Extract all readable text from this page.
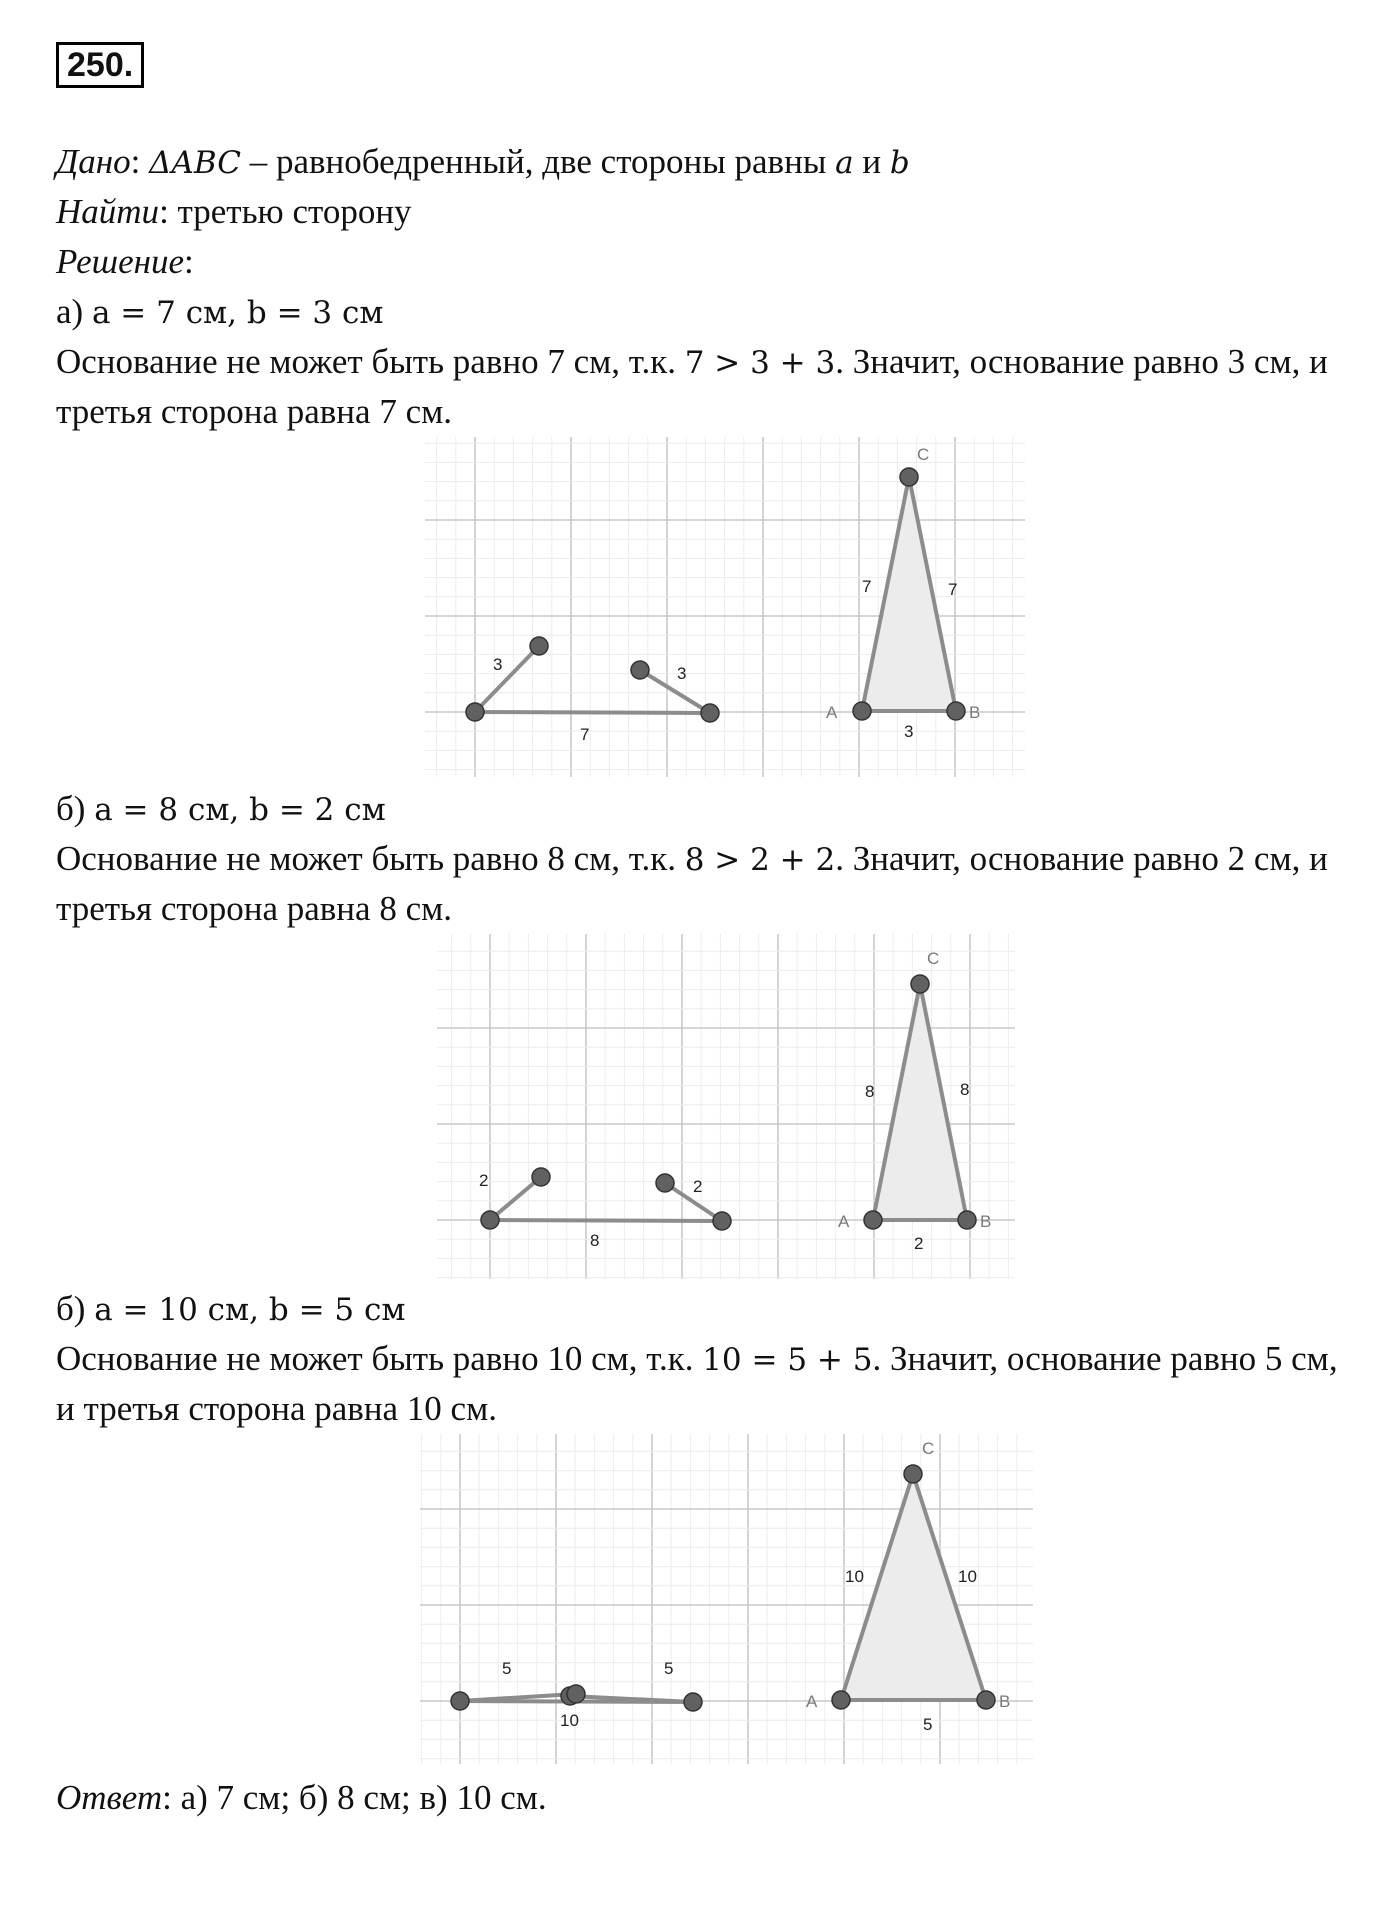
250.
Дано: ΔABC – равнобедренный, две стороны равны a и b
Найти: третью сторону
Решение:
а) a = 7 см, b = 3 см
Основание не может быть равно 7 см, т.к. 7 > 3 + 3. Значит, основание равно 3 см, и
третья сторона равна 7 см.
3
7
3
A	B
C
7	7
3
б) a = 8 см, b = 2 см
Основание не может быть равно 8 см, т.к. 8 > 2 + 2. Значит, основание равно 2 см, и
третья сторона равна 8 см.
2
8
2
A	B
C
8	8
2
б) a = 10 см, b = 5 см
Основание не может быть равно 10 см, т.к. 10 = 5 + 5. Значит, основание равно 5 см,
и третья сторона равна 10 см.
5
10
5
A	B
C
10	10
5
Ответ: а) 7 см; б) 8 см; в) 10 см.
